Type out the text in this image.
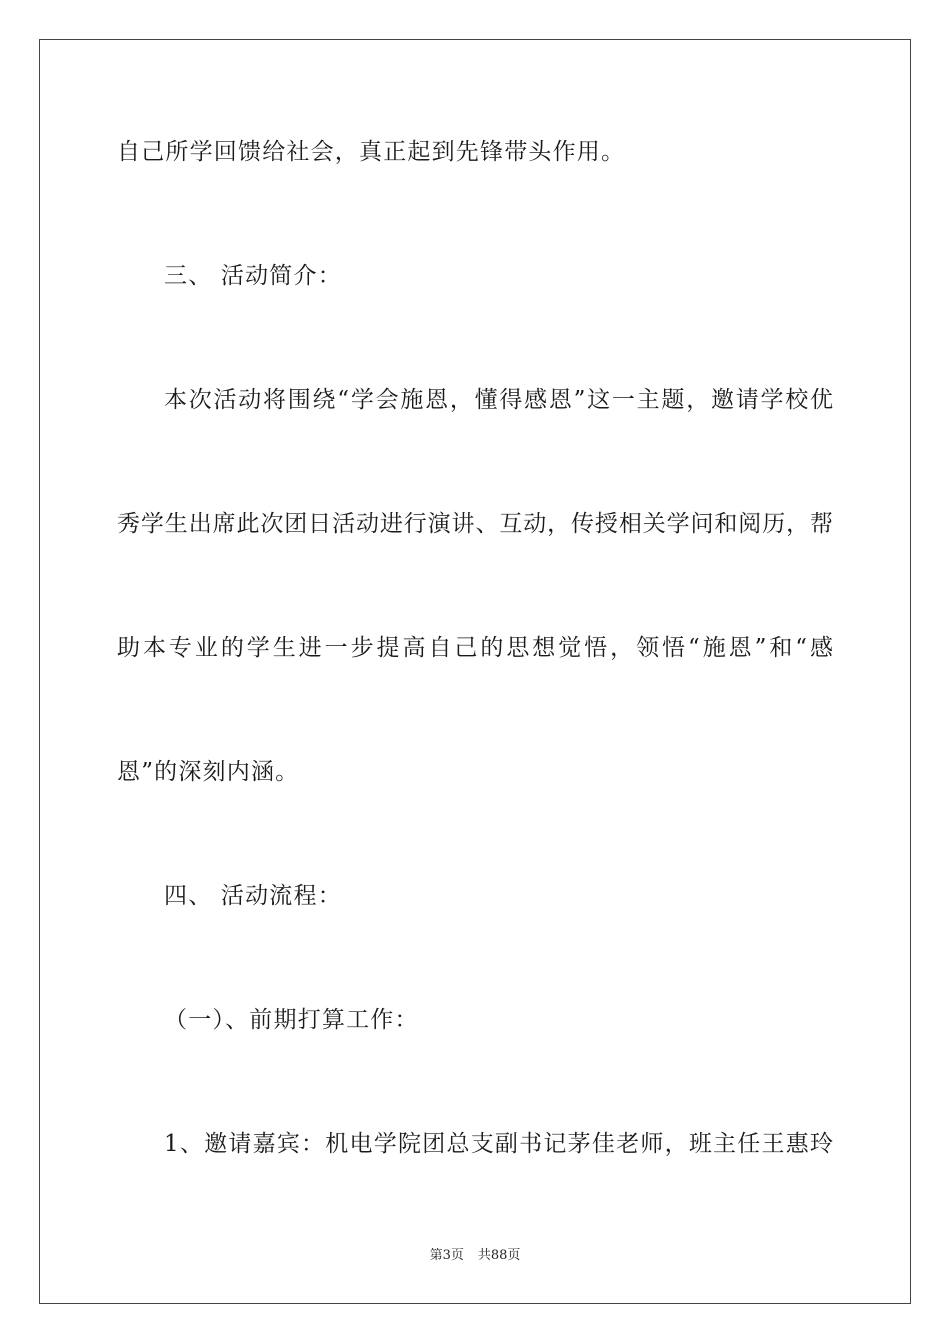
自己所学回馈给社会，真正起到先锋带头作用。
三、 活动简介：
本次活动将围绕“学会施恩，懂得感恩”这一主题，邀请学校优
秀学生出席此次团日活动进行演讲、互动，传授相关学问和阅历，帮
助本专业的学生进一步提高自己的思想觉悟，领悟“施恩”和“感
恩”的深刻内涵。
四、 活动流程：
（一）、前期打算工作：
1、邀请嘉宾：机电学院团总支副书记茅佳老师，班主任王惠玲
第3页 共88页
